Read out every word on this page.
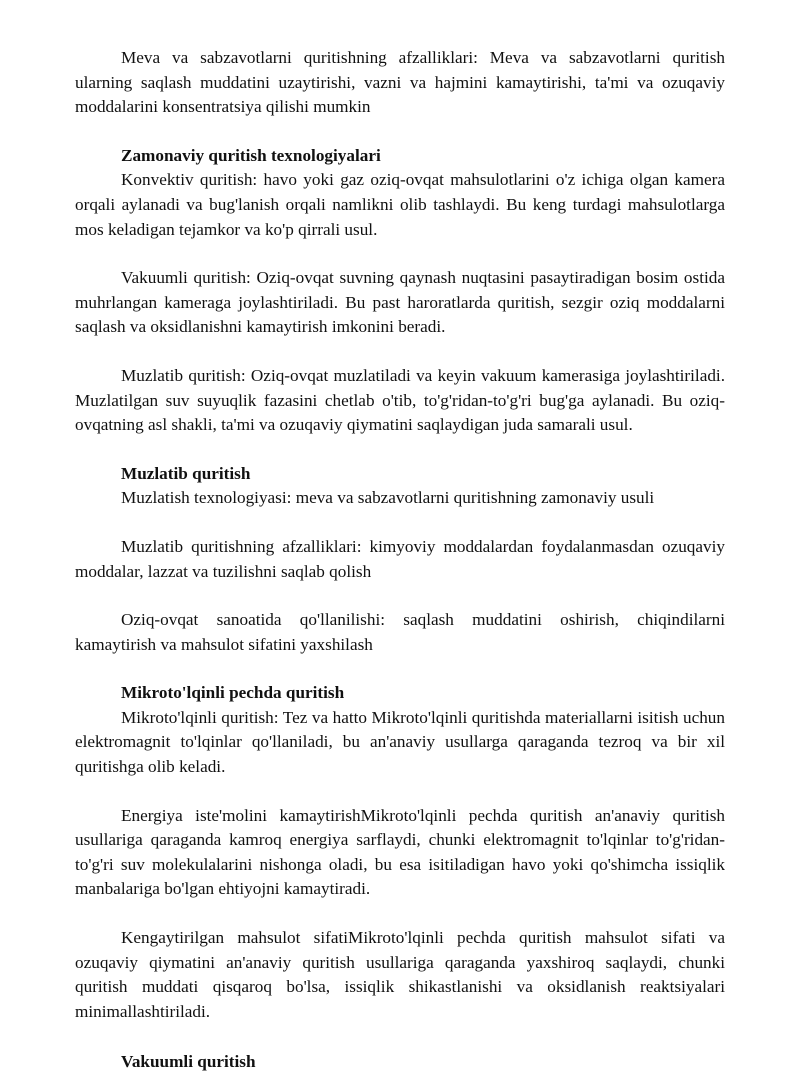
Meva va sabzavotlarni quritishning afzalliklari: Meva va sabzavotlarni quritish ularning saqlash muddatini uzaytirishi, vazni va hajmini kamaytirishi, ta'mi va ozuqaviy moddalarini konsentratsiya qilishi mumkin

Zamonaviy quritish texnologiyalari

Konvektiv quritish: havo yoki gaz oziq-ovqat mahsulotlarini o'z ichiga olgan kamera orqali aylanadi va bug'lanish orqali namlikni olib tashlaydi. Bu keng turdagi mahsulotlarga mos keladigan tejamkor va ko'p qirrali usul.

Vakuumli quritish: Oziq-ovqat suvning qaynash nuqtasini pasaytiradigan bosim ostida muhrlangan kameraga joylashtiriladi. Bu past haroratlarda quritish, sezgir oziq moddalarni saqlash va oksidlanishni kamaytirish imkonini beradi.

Muzlatib quritish: Oziq-ovqat muzlatiladi va keyin vakuum kamerasiga joylashtiriladi. Muzlatilgan suv suyuqlik fazasini chetlab o'tib, to'g'ridan-to'g'ri bug'ga aylanadi. Bu oziq-ovqatning asl shakli, ta'mi va ozuqaviy qiymatini saqlaydigan juda samarali usul.

Muzlatib quritish

Muzlatish texnologiyasi: meva va sabzavotlarni quritishning zamonaviy usuli

Muzlatib quritishning afzalliklari: kimyoviy moddalardan foydalanmasdan ozuqaviy moddalar, lazzat va tuzilishni saqlab qolish

Oziq-ovqat sanoatida qo'llanilishi: saqlash muddatini oshirish, chiqindilarni kamaytirish va mahsulot sifatini yaxshilash

Mikroto'lqinli pechda quritish

Mikroto'lqinli quritish: Tez va hatto Mikroto'lqinli quritishda materiallarni isitish uchun elektromagnit to'lqinlar qo'llaniladi, bu an'anaviy usullarga qaraganda tezroq va bir xil quritishga olib keladi.

Energiya iste'molini kamaytirishMikroto'lqinli pechda quritish an'anaviy quritish usullariga qaraganda kamroq energiya sarflaydi, chunki elektromagnit to'lqinlar to'g'ridan-to'g'ri suv molekulalarini nishonga oladi, bu esa isitiladigan havo yoki qo'shimcha issiqlik manbalariga bo'lgan ehtiyojni kamaytiradi.

Kengaytirilgan mahsulot sifatiMikroto'lqinli pechda quritish mahsulot sifati va ozuqaviy qiymatini an'anaviy quritish usullariga qaraganda yaxshiroq saqlaydi, chunki quritish muddati qisqaroq bo'lsa, issiqlik shikastlanishi va oksidlanish reaktsiyalari minimallashtiriladi.

Vakuumli quritish
